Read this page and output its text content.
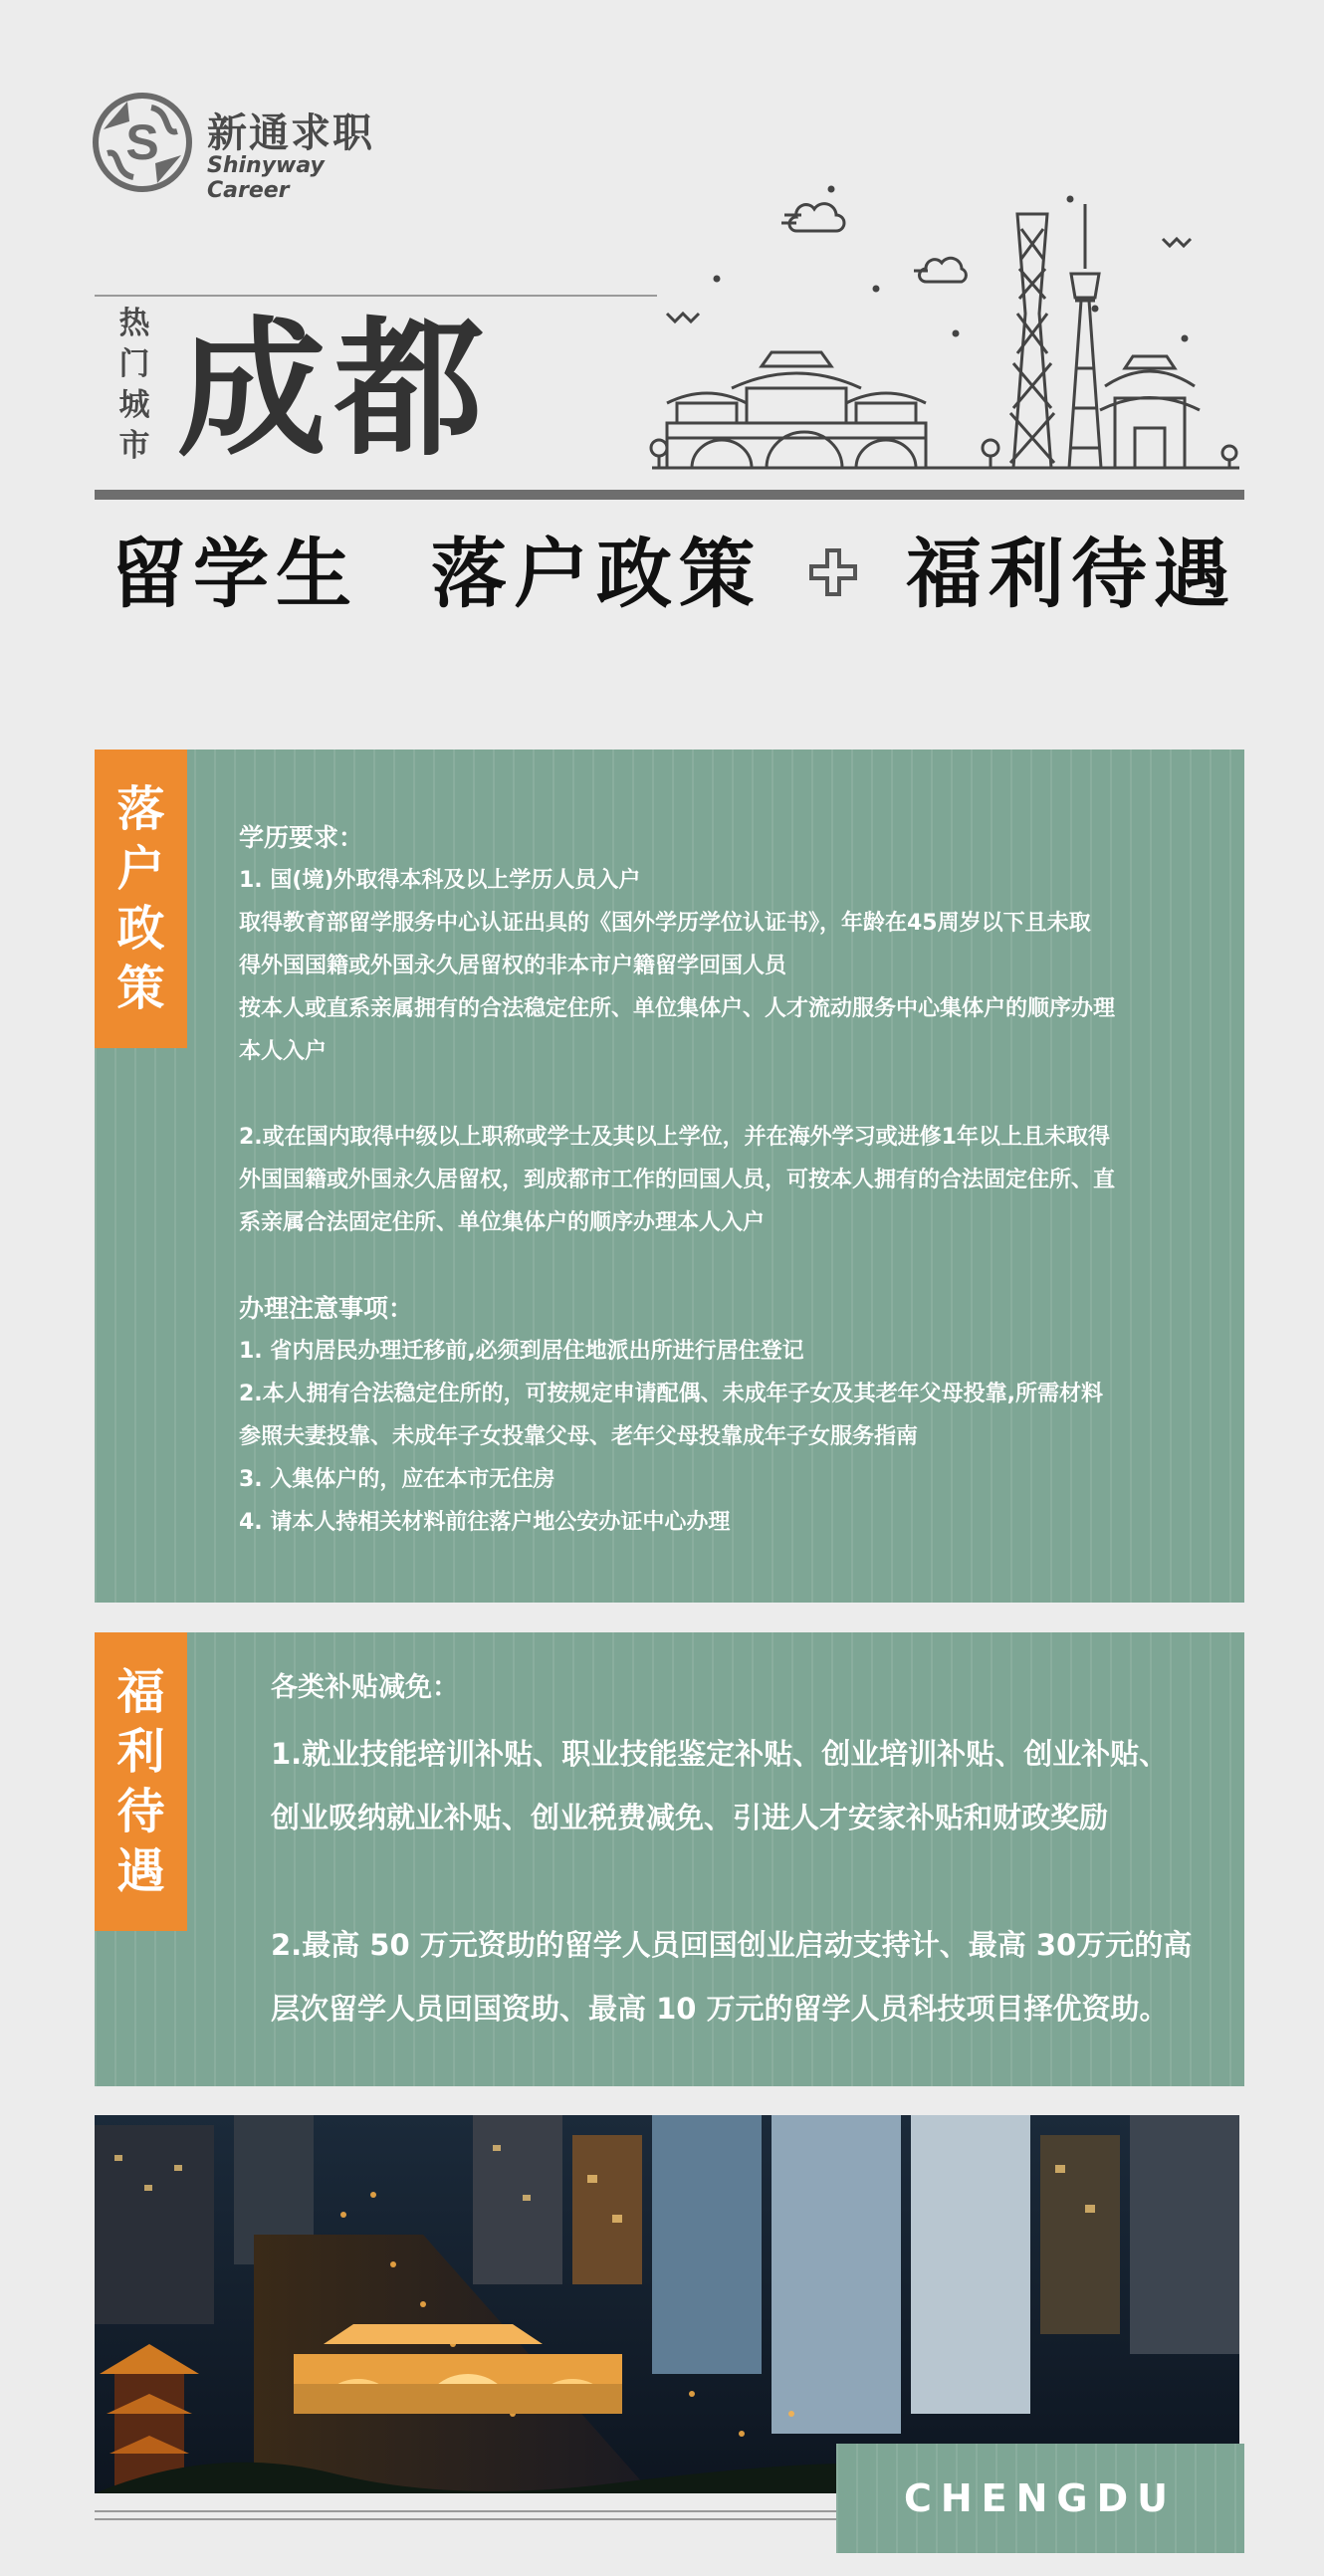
S 新通求职
Shinyway Career
热
门
城
市 成都
留学生 落户政策 福利待遇
落
户
政
策

学历要求：

1. 国(境)外取得本科及以上学历人员入户

取得教育部留学服务中心认证出具的《国外学历学位认证书》，年龄在45周岁以下且未取

得外国国籍或外国永久居留权的非本市户籍留学回国人员

按本人或直系亲属拥有的合法稳定住所、单位集体户、人才流动服务中心集体户的顺序办理

本人入户

2.或在国内取得中级以上职称或学士及其以上学位，并在海外学习或进修1年以上且未取得

外国国籍或外国永久居留权，到成都市工作的回国人员，可按本人拥有的合法固定住所、直

系亲属合法固定住所、单位集体户的顺序办理本人入户

办理注意事项：

1. 省内居民办理迁移前,必须到居住地派出所进行居住登记

2.本人拥有合法稳定住所的，可按规定申请配偶、未成年子女及其老年父母投靠,所需材料

参照夫妻投靠、未成年子女投靠父母、老年父母投靠成年子女服务指南

3. 入集体户的，应在本市无住房

4. 请本人持相关材料前往落户地公安办证中心办理

福
利
待
遇

各类补贴减免：

1.就业技能培训补贴、职业技能鉴定补贴、创业培训补贴、创业补贴、

创业吸纳就业补贴、创业税费减免、引进人才安家补贴和财政奖励

2.最高 50 万元资助的留学人员回国创业启动支持计、最高 30万元的高

层次留学人员回国资助、最高 10 万元的留学人员科技项目择优资助。

CHENGDU
